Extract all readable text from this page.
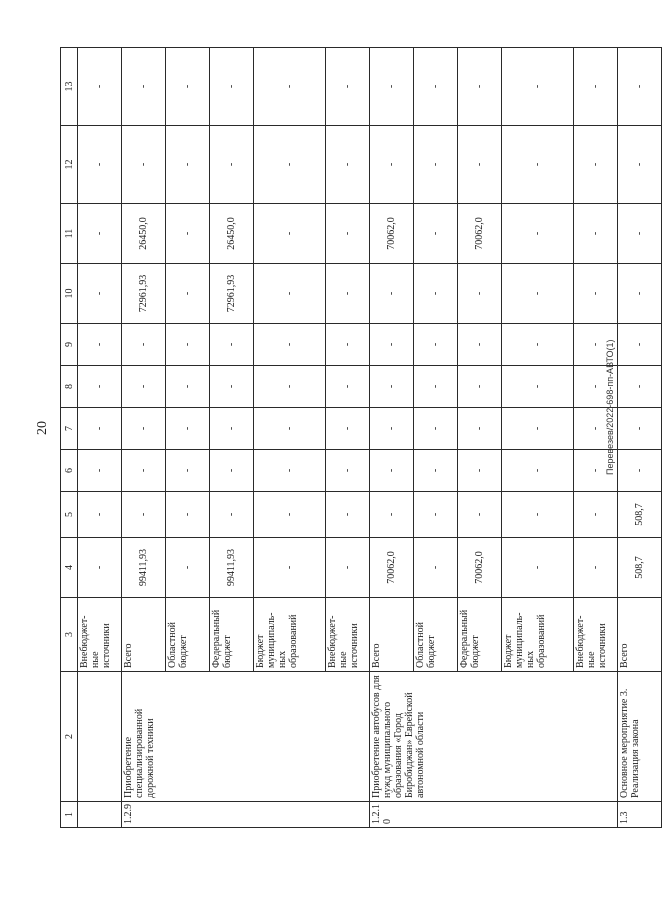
20	Перевезев/2022-698-пп-АВТО(1)
1	2	3	4	5	6	7	8	9	10	11	12	13
		Внебюджет-
ные
источники	-	-	-	-	-	-	-	-	-	-
1.2.9	Приобретение специализированной дорожной техники	Всего	99411,93	-	-	-	-	-	72961,93	26450,0	-	-
		Областной
бюджет	-	-	-	-	-	-	-	-	-	-
		Федеральный
бюджет	99411,93	-	-	-	-	-	72961,93	26450,0	-	-
		Бюджет
муниципаль-
ных
образований	-	-	-	-	-	-	-	-	-	-
		Внебюджет-
ные
источники	-	-	-	-	-	-	-	-	-	-
1.2.1
0	Приобретение автобусов для нужд муниципального образования «Город Биробиджан» Еврейской автономной области	Всего	70062,0	-	-	-	-	-	-	70062,0	-	-
		Областной
бюджет	-	-	-	-	-	-	-	-	-	-
		Федеральный
бюджет	70062,0	-	-	-	-	-	-	70062,0	-	-
		Бюджет
муниципаль-
ных
образований	-	-	-	-	-	-	-	-	-	-
		Внебюджет-
ные
источники	-	-	-	-	-	-	-	-	-	-
1.3	Основное мероприятие 3. Реализация закона	Всего	508,7	508,7	-	-	-	-	-	-	-	-
